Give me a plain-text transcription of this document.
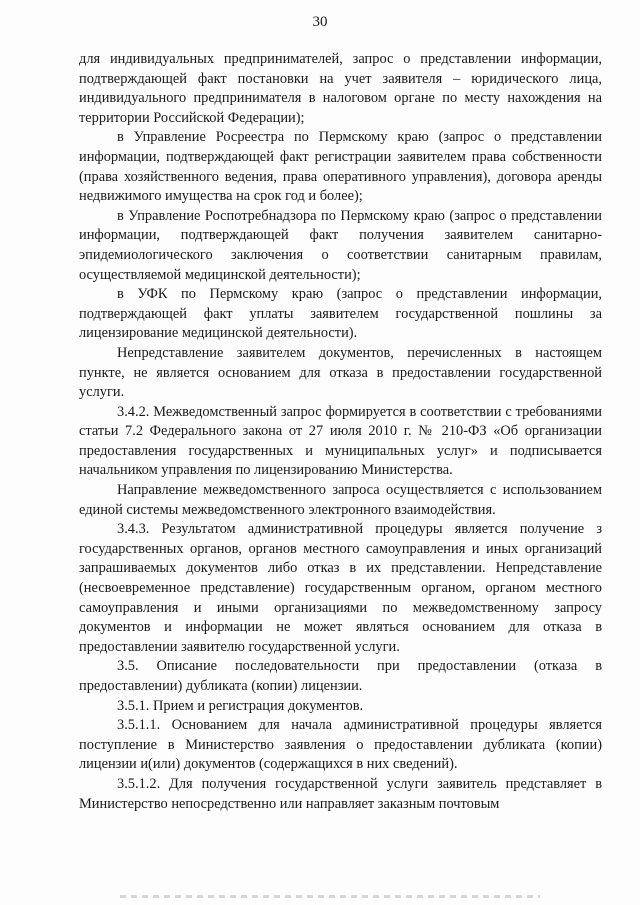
30

для индивидуальных предпринимателей, запрос о представлении информации, подтверждающей факт постановки на учет заявителя – юридического лица, индивидуального предпринимателя в налоговом органе по месту нахождения на территории Российской Федерации);

в Управление Росреестра по Пермскому краю (запрос о представлении информации, подтверждающей факт регистрации заявителем права собственности (права хозяйственного ведения, права оперативного управления), договора аренды недвижимого имущества на срок год и более);

в Управление Роспотребнадзора по Пермскому краю (запрос о представлении информации, подтверждающей факт получения заявителем санитарно-эпидемиологического заключения о соответствии санитарным правилам, осуществляемой медицинской деятельности);

в УФК по Пермскому краю (запрос о представлении информации, подтверждающей факт уплаты заявителем государственной пошлины за лицензирование медицинской деятельности).

Непредставление заявителем документов, перечисленных в настоящем пункте, не является основанием для отказа в предоставлении государственной услуги.

3.4.2. Межведомственный запрос формируется в соответствии с требованиями статьи 7.2 Федерального закона от 27 июля 2010 г. № 210-ФЗ «Об организации предоставления государственных и муниципальных услуг» и подписывается начальником управления по лицензированию Министерства.

Направление межведомственного запроса осуществляется с использованием единой системы межведомственного электронного взаимодействия.

3.4.3. Результатом административной процедуры является получение з государственных органов, органов местного самоуправления и иных организаций запрашиваемых документов либо отказ в их представлении. Непредставление (несвоевременное представление) государственным органом, органом местного самоуправления и иными организациями по межведомственному запросу документов и информации не может являться основанием для отказа в предоставлении заявителю государственной услуги.

3.5. Описание последовательности при предоставлении (отказа в предоставлении) дубликата (копии) лицензии.

3.5.1. Прием и регистрация документов.

3.5.1.1. Основанием для начала административной процедуры является поступление в Министерство заявления о предоставлении дубликата (копии) лицензии и(или) документов (содержащихся в них сведений).

3.5.1.2. Для получения государственной услуги заявитель представляет в Министерство непосредственно или направляет заказным почтовым
